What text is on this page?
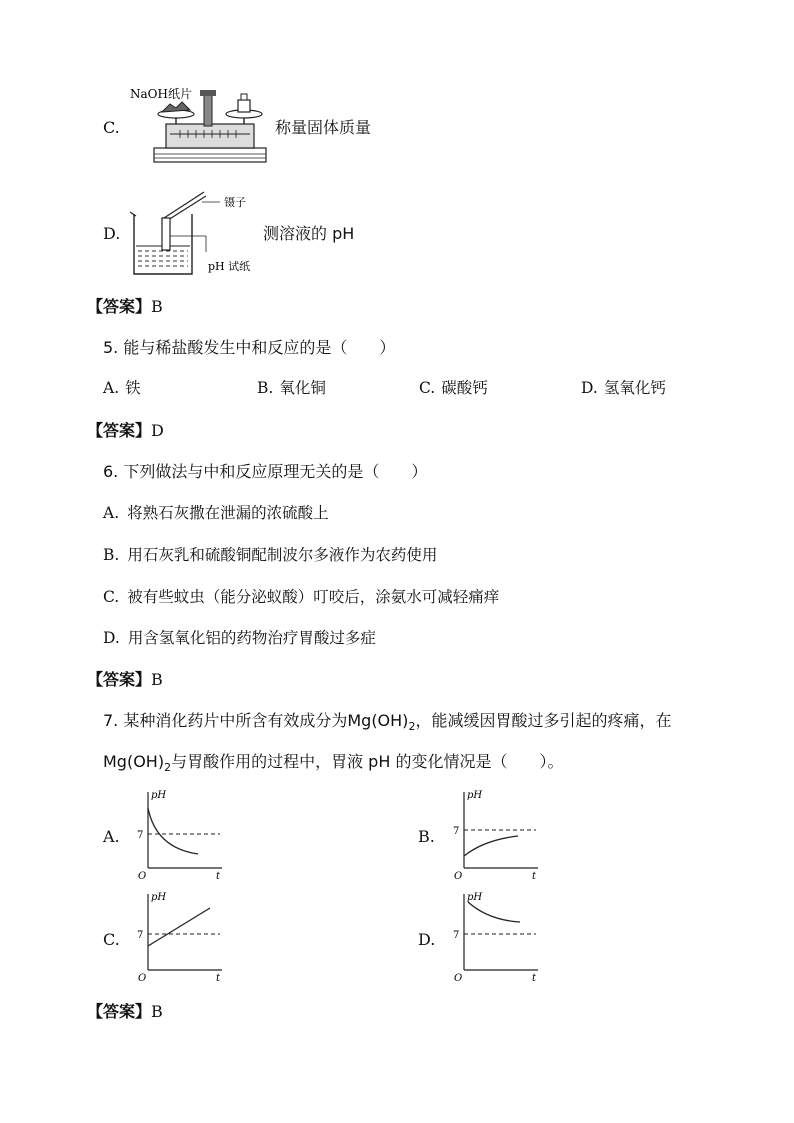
C.
NaOH纸片
称量固体质量
D.
镊子
pH 试纸
测溶液的 pH
【答案】B
5. 能与稀盐酸发生中和反应的是（　　）
A. 铁	B. 氧化铜	C. 碳酸钙	D. 氢氧化钙
【答案】D
6. 下列做法与中和反应原理无关的是（　　）
A. 将熟石灰撒在泄漏的浓硫酸上
B. 用石灰乳和硫酸铜配制波尔多液作为农药使用
C. 被有些蚊虫（能分泌蚁酸）叮咬后，涂氨水可减轻痛痒
D. 用含氢氧化铝的药物治疗胃酸过多症
【答案】B
7. 某种消化药片中所含有效成分为$Mg(OH)_2$，能减缓因胃酸过多引起的疼痛，在
$Mg(OH)_2$与胃酸作用的过程中，胃液 pH 的变化情况是（　　）。
A.
pH
t
O
7	B.
pH
t
O
7
C.
pH
t
O
7	D.
pH
t
O
7
【答案】B
